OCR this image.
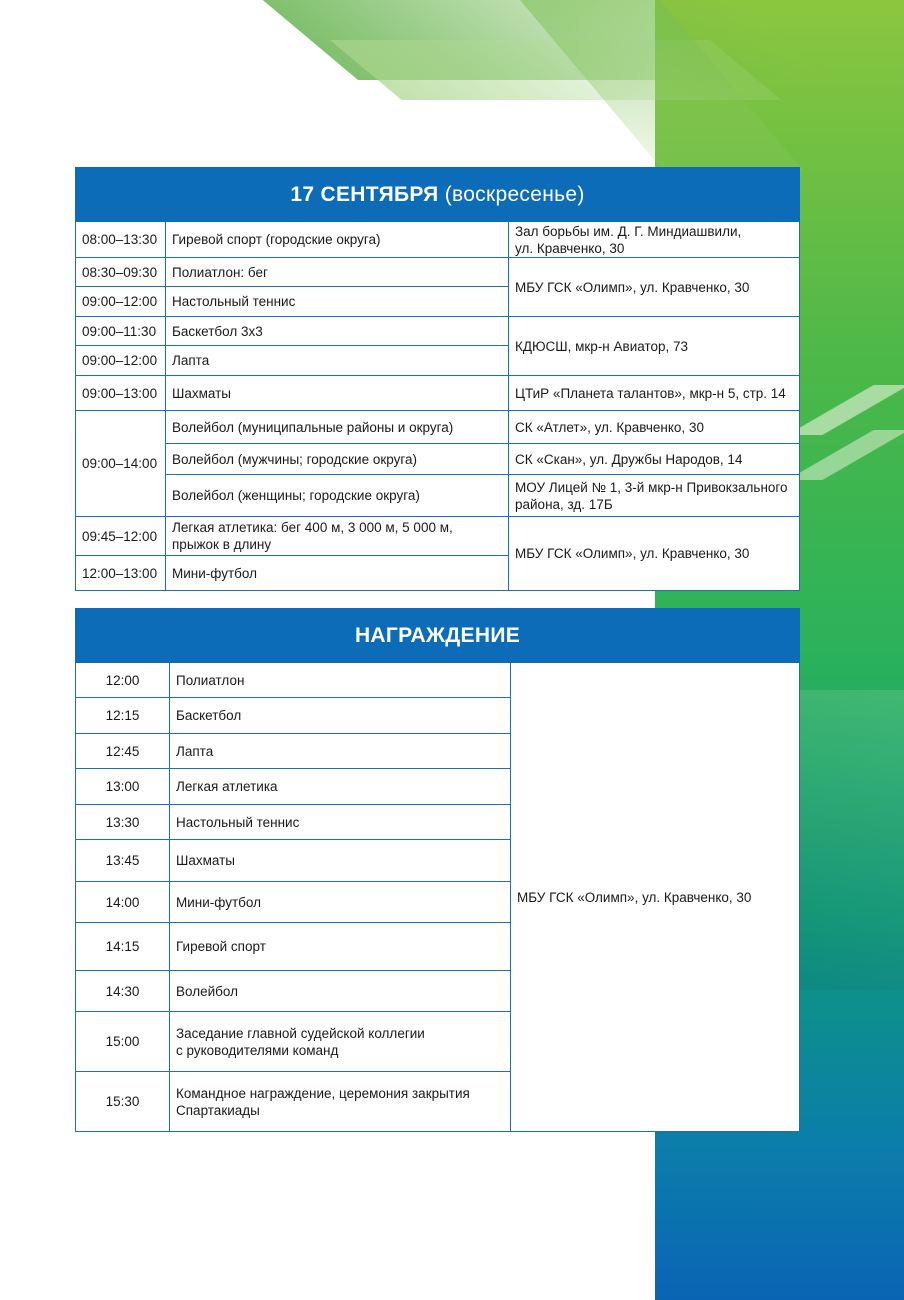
17 СЕНТЯБРЯ (воскресенье)		
08:00–13:30	Гиревой спорт (городские округа)	Зал борьбы им. Д. Г. Миндиашвили,
ул. Кравченко, 30
08:30–09:30	Полиатлон: бег	МБУ ГСК «Олимп», ул. Кравченко, 30
09:00–12:00	Настольный теннис	
09:00–11:30	Баскетбол 3х3	КДЮСШ, мкр-н Авиатор, 73
09:00–12:00	Лапта	
09:00–13:00	Шахматы	ЦТиР «Планета талантов», мкр-н 5, стр. 14
09:00–14:00	Волейбол (муниципальные районы и округа)	СК «Атлет», ул. Кравченко, 30
	Волейбол (мужчины; городские округа)	СК «Скан», ул. Дружбы Народов, 14
	Волейбол (женщины; городские округа)	МОУ Лицей № 1, 3-й мкр-н Привокзального
района, зд. 17Б
09:45–12:00	Легкая атлетика: бег 400 м, 3 000 м, 5 000 м,
прыжок в длину	МБУ ГСК «Олимп», ул. Кравченко, 30
12:00–13:00	Мини-футбол	
НАГРАЖДЕНИЕ		
12:00	Полиатлон	МБУ ГСК «Олимп», ул. Кравченко, 30
12:15	Баскетбол	
12:45	Лапта	
13:00	Легкая атлетика	
13:30	Настольный теннис	
13:45	Шахматы	
14:00	Мини-футбол	
14:15	Гиревой спорт	
14:30	Волейбол	
15:00	Заседание главной судейской коллегии
с руководителями команд	
15:30	Командное награждение, церемония закрытия
Спартакиады	
